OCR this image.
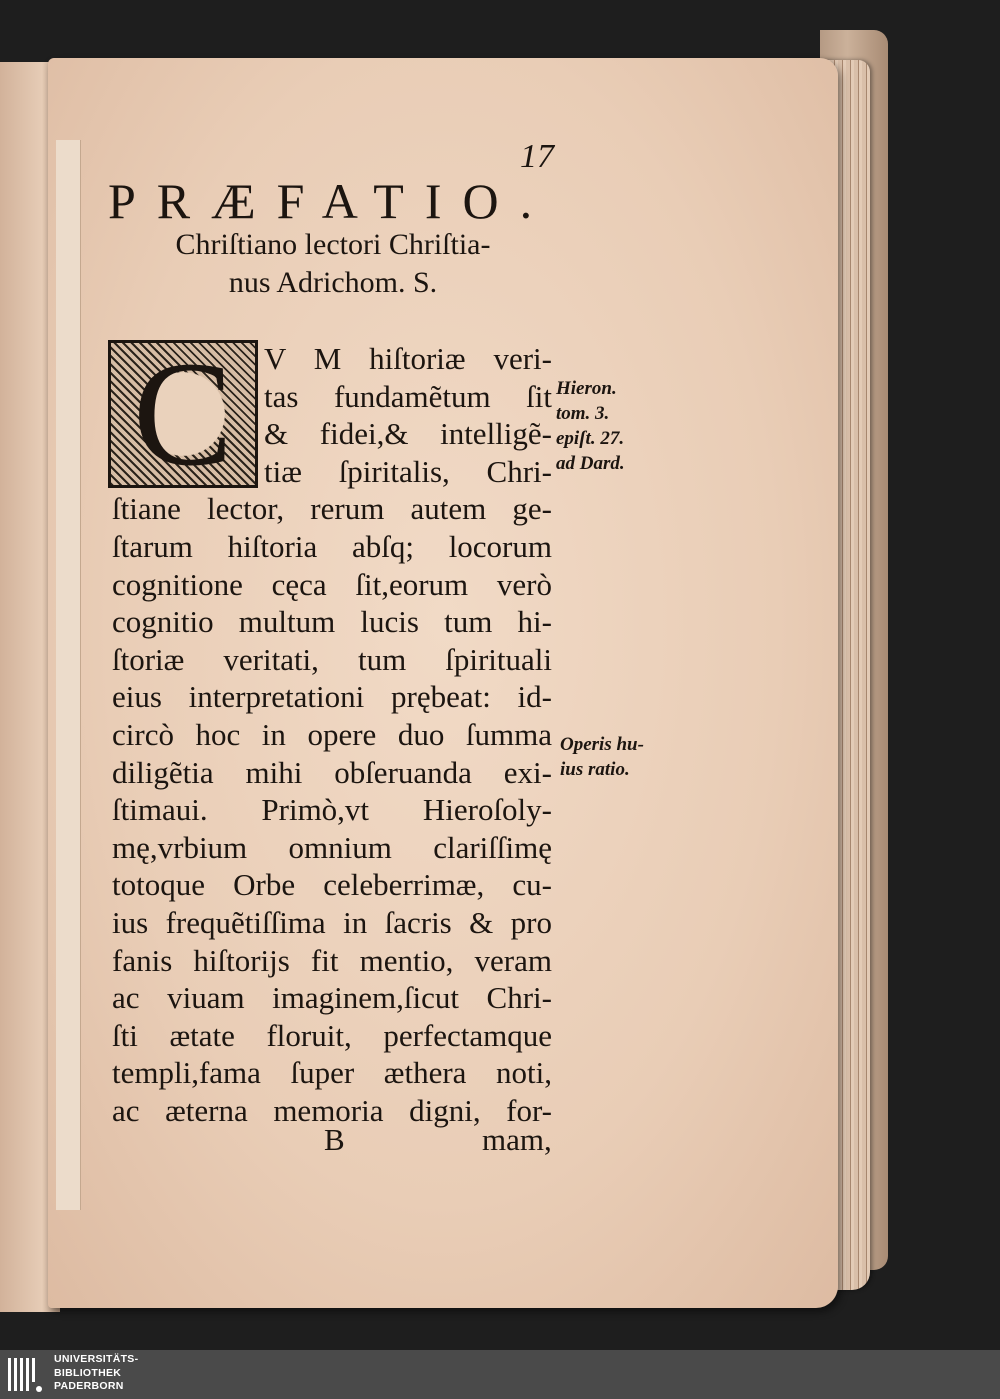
17
PRÆFATIO.
Chriſtiano lectori Chriſtia-
nus Adrichom. S.
C V M hiſtoriæ veri-
tas fundamẽtum ſit
& fidei,& intelligẽ-
tiæ ſpiritalis, Chri-
ſtiane lector, rerum autem ge-
ſtarum hiſtoria abſq; locorum
cognitione cęca ſit,eorum verò
cognitio multum lucis tum hi-
ſtoriæ veritati, tum ſpirituali
eius interpretationi prębeat: id-
circò hoc in opere duo ſumma
diligẽtia mihi obſeruanda exi-
ſtimaui. Primò,vt Hieroſoly-
mę,vrbium omnium clariſſimę
totoque Orbe celeberrimæ, cu-
ius frequẽtiſſima in ſacris & pro
fanis hiſtorijs fit mentio, veram
ac viuam imaginem,ſicut Chri-
ſti ætate floruit, perfectamque
templi,fama ſuper æthera noti,
ac æterna memoria digni, for-
Hieron.
tom. 3.
epiſt. 27.
ad Dard.
Operis hu-
ius ratio.
B	mam,
UNIVERSITÄTS-
BIBLIOTHEK
PADERBORN
